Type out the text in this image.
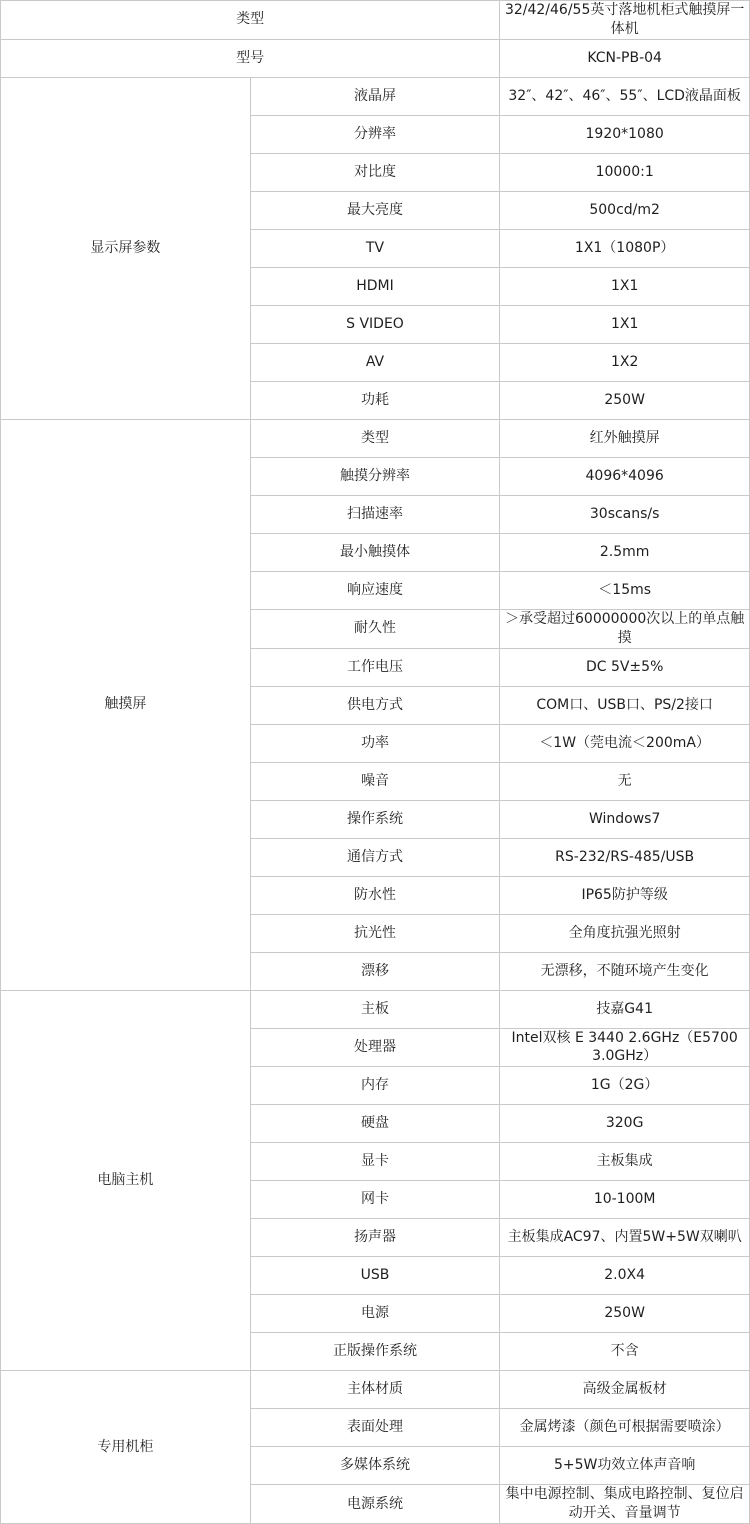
类型		32/42/46/55英寸落地机柜式触摸屏一体机
型号		KCN-PB-04
显示屏参数	液晶屏	32″、42″、46″、55″、LCD液晶面板
	分辨率	1920*1080
	对比度	10000:1
	最大亮度	500cd/m2
	TV	1X1（1080P）
	HDMI	1X1
	S VIDEO	1X1
	AV	1X2
	功耗	250W
触摸屏	类型	红外触摸屏
	触摸分辨率	4096*4096
	扫描速率	30scans/s
	最小触摸体	2.5mm
	响应速度	＜15ms
	耐久性	＞承受超过60000000次以上的单点触摸
	工作电压	DC 5V±5%
	供电方式	COM口、USB口、PS/2接口
	功率	＜1W（莞电流＜200mA）
	噪音	无
	操作系统	Windows7
	通信方式	RS-232/RS-485/USB
	防水性	IP65防护等级
	抗光性	全角度抗强光照射
	漂移	无漂移，不随环境产生变化
电脑主机	主板	技嘉G41
	处理器	Intel双核 E 3440 2.6GHz（E5700 3.0GHz）
	内存	1G（2G）
	硬盘	320G
	显卡	主板集成
	网卡	10-100M
	扬声器	主板集成AC97、内置5W+5W双喇叭
	USB	2.0X4
	电源	250W
	正版操作系统	不含
专用机柜	主体材质	高级金属板材
	表面处理	金属烤漆（颜色可根据需要喷涂）
	多媒体系统	5+5W功效立体声音响
	电源系统	集中电源控制、集成电路控制、复位启动开关、音量调节
